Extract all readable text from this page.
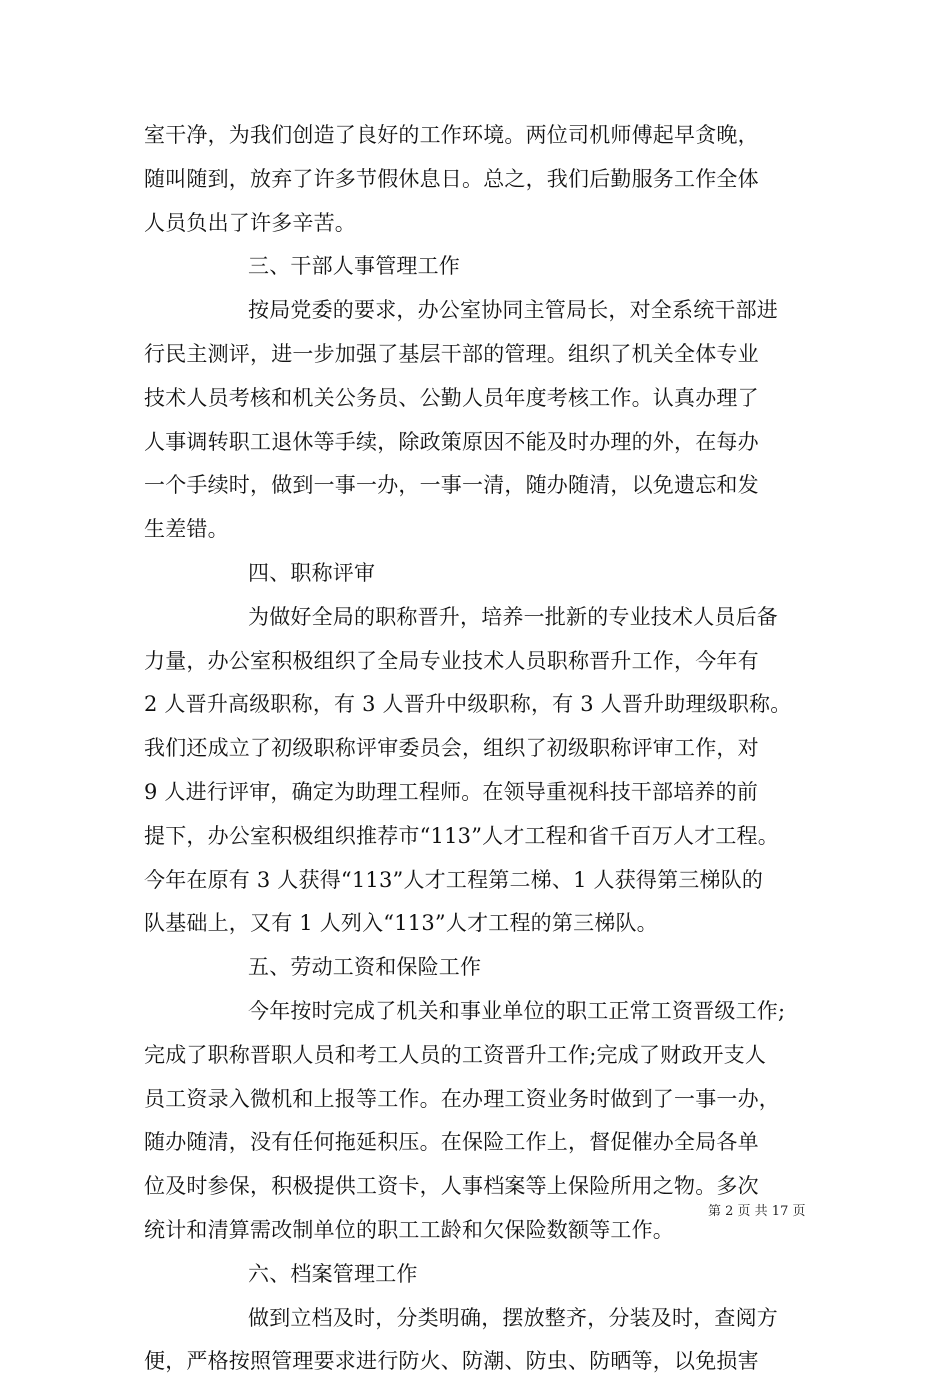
室干净，为我们创造了良好的工作环境。两位司机师傅起早贪晚，
随叫随到，放弃了许多节假休息日。总之，我们后勤服务工作全体
人员负出了许多辛苦。
三、干部人事管理工作
按局党委的要求，办公室协同主管局长，对全系统干部进
行民主测评，进一步加强了基层干部的管理。组织了机关全体专业
技术人员考核和机关公务员、公勤人员年度考核工作。认真办理了
人事调转职工退休等手续，除政策原因不能及时办理的外，在每办
一个手续时，做到一事一办，一事一清，随办随清，以免遗忘和发
生差错。
四、职称评审
为做好全局的职称晋升，培养一批新的专业技术人员后备
力量，办公室积极组织了全局专业技术人员职称晋升工作，今年有
2 人晋升高级职称，有 3 人晋升中级职称，有 3 人晋升助理级职称。
我们还成立了初级职称评审委员会，组织了初级职称评审工作，对
9 人进行评审，确定为助理工程师。在领导重视科技干部培养的前
提下，办公室积极组织推荐市“113”人才工程和省千百万人才工程。
今年在原有 3 人获得“113”人才工程第二梯、1 人获得第三梯队的
队基础上，又有 1 人列入“113”人才工程的第三梯队。
五、劳动工资和保险工作
今年按时完成了机关和事业单位的职工正常工资晋级工作;
完成了职称晋职人员和考工人员的工资晋升工作;完成了财政开支人
员工资录入微机和上报等工作。在办理工资业务时做到了一事一办，
随办随清，没有任何拖延积压。在保险工作上，督促催办全局各单
位及时参保，积极提供工资卡，人事档案等上保险所用之物。多次
统计和清算需改制单位的职工工龄和欠保险数额等工作。
六、档案管理工作
做到立档及时，分类明确，摆放整齐，分装及时，查阅方
便，严格按照管理要求进行防火、防潮、防虫、防晒等，以免损害
第 2 页 共 17 页
